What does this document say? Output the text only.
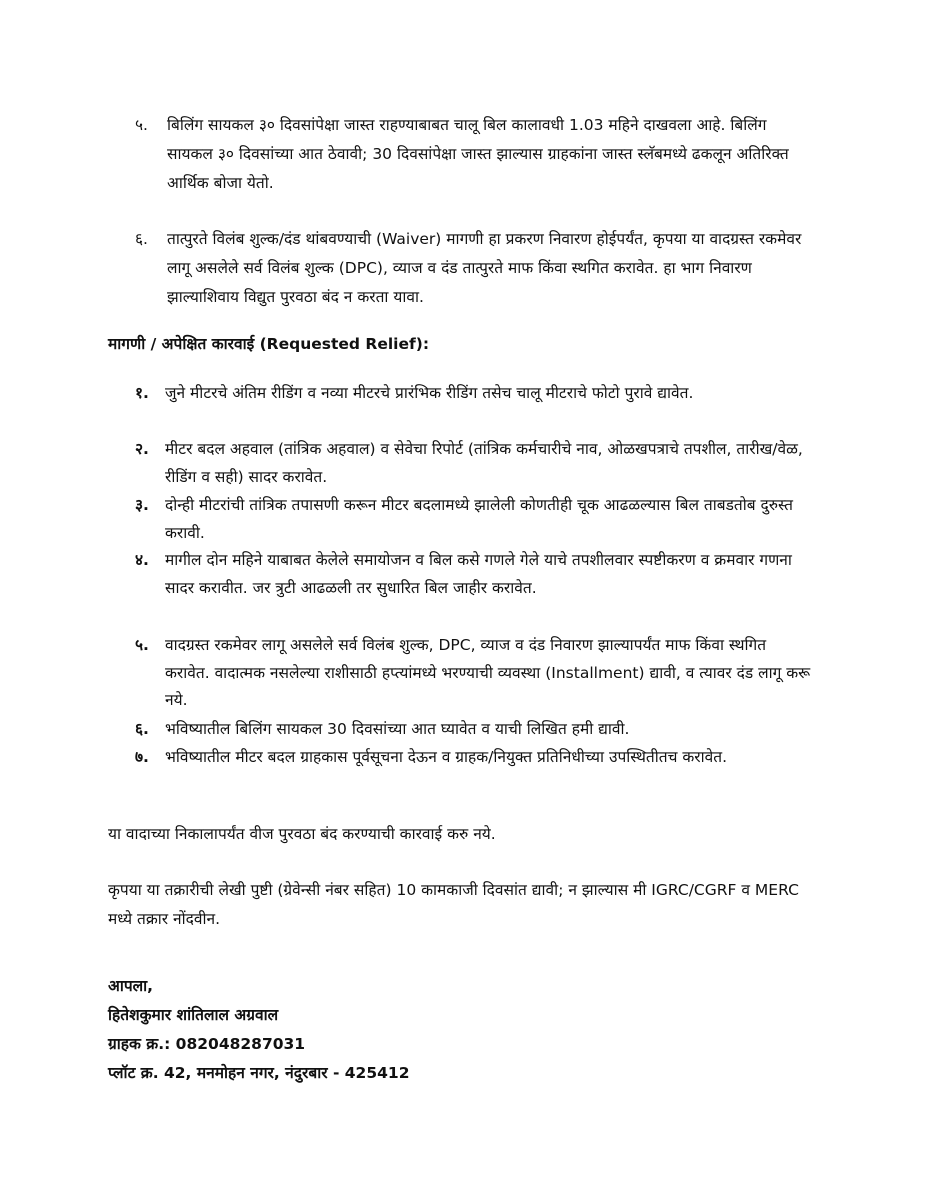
५.	बिलिंग सायकल ३० दिवसांपेक्षा जास्त राहण्याबाबत चालू बिल कालावधी 1.03 महिने दाखवला आहे. बिलिंग सायकल ३० दिवसांच्या आत ठेवावी; 30 दिवसांपेक्षा जास्त झाल्यास ग्राहकांना जास्त स्लॅबमध्ये ढकलून अतिरिक्त आर्थिक बोजा येतो.
६.	तात्पुरते विलंब शुल्क/दंड थांबवण्याची (Waiver) मागणी हा प्रकरण निवारण होईपर्यंत, कृपया या वादग्रस्त रकमेवर लागू असलेले सर्व विलंब शुल्क (DPC), व्याज व दंड तात्पुरते माफ किंवा स्थगित करावेत. हा भाग निवारण झाल्याशिवाय विद्युत पुरवठा बंद न करता यावा.
मागणी / अपेक्षित कारवाई (Requested Relief):
१.	जुने मीटरचे अंतिम रीडिंग व नव्या मीटरचे प्रारंभिक रीडिंग तसेच चालू मीटराचे फोटो पुरावे द्यावेत.
२.	मीटर बदल अहवाल (तांत्रिक अहवाल) व सेवेचा रिपोर्ट (तांत्रिक कर्मचारीचे नाव, ओळखपत्राचे तपशील, तारीख/वेळ, रीडिंग व सही) सादर करावेत.
३.	दोन्ही मीटरांची तांत्रिक तपासणी करून मीटर बदलामध्ये झालेली कोणतीही चूक आढळल्यास बिल ताबडतोब दुरुस्त करावी.
४.	मागील दोन महिने याबाबत केलेले समायोजन व बिल कसे गणले गेले याचे तपशीलवार स्पष्टीकरण व क्रमवार गणना सादर करावीत. जर त्रुटी आढळली तर सुधारित बिल जाहीर करावेत.
५.	वादग्रस्त रकमेवर लागू असलेले सर्व विलंब शुल्क, DPC, व्याज व दंड निवारण झाल्यापर्यंत माफ किंवा स्थगित करावेत. वादात्मक नसलेल्या राशीसाठी हप्त्यांमध्ये भरण्याची व्यवस्था (Installment) द्यावी, व त्यावर दंड लागू करू नये.
६.	भविष्यातील बिलिंग सायकल 30 दिवसांच्या आत घ्यावेत व याची लिखित हमी द्यावी.
७.	भविष्यातील मीटर बदल ग्राहकास पूर्वसूचना देऊन व ग्राहक/नियुक्त प्रतिनिधीच्या उपस्थितीतच करावेत.

या वादाच्या निकालापर्यंत वीज पुरवठा बंद करण्याची कारवाई करु नये.

कृपया या तक्रारीची लेखी पुष्टी (ग्रेवेन्सी नंबर सहित) 10 कामकाजी दिवसांत द्यावी; न झाल्यास मी IGRC/CGRF व MERC मध्ये तक्रार नोंदवीन.

आपला,
हितेशकुमार शांतिलाल अग्रवाल
ग्राहक क्र.: 082048287031
प्लॉट क्र. 42, मनमोहन नगर, नंदुरबार - 425412
